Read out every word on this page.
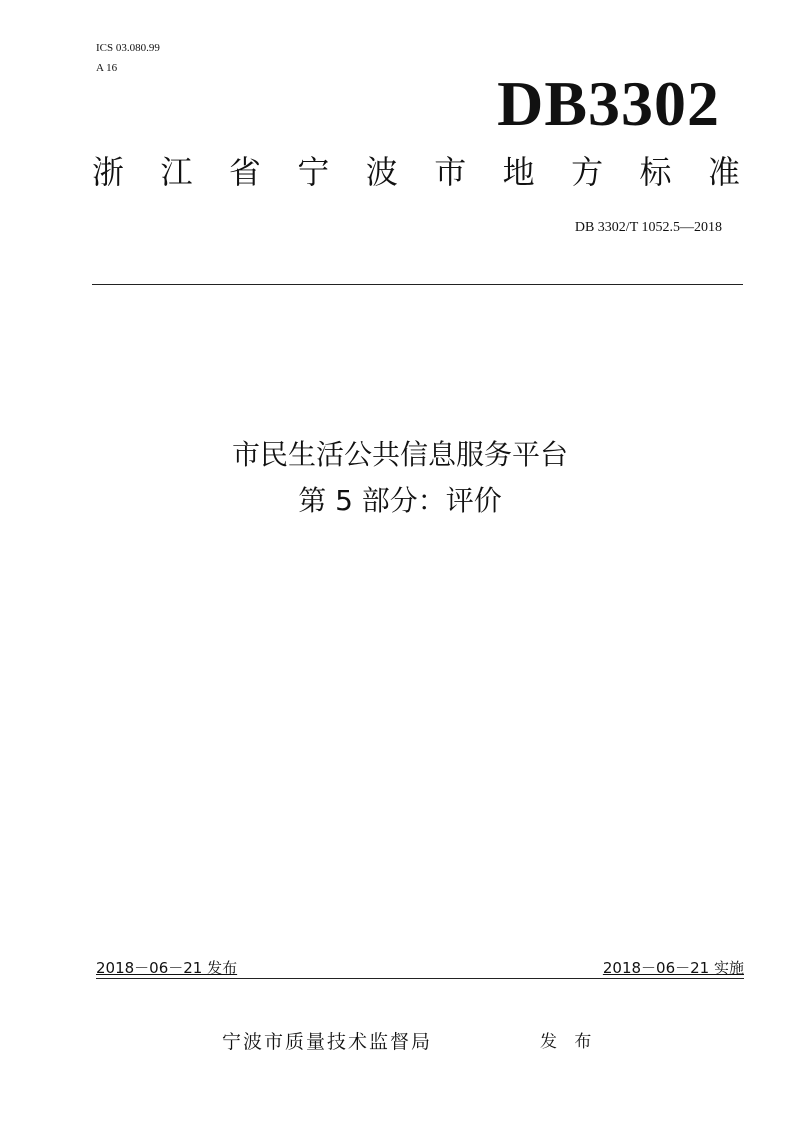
ICS 03.080.99
A 16	DB3302
浙 江 省 宁 波 市 地 方 标 准
DB 3302/T 1052.5—2018
市民生活公共信息服务平台
第 5 部分：评价
2018－06－21 发布	2018－06－21 实施
宁波市质量技术监督局	发 布
